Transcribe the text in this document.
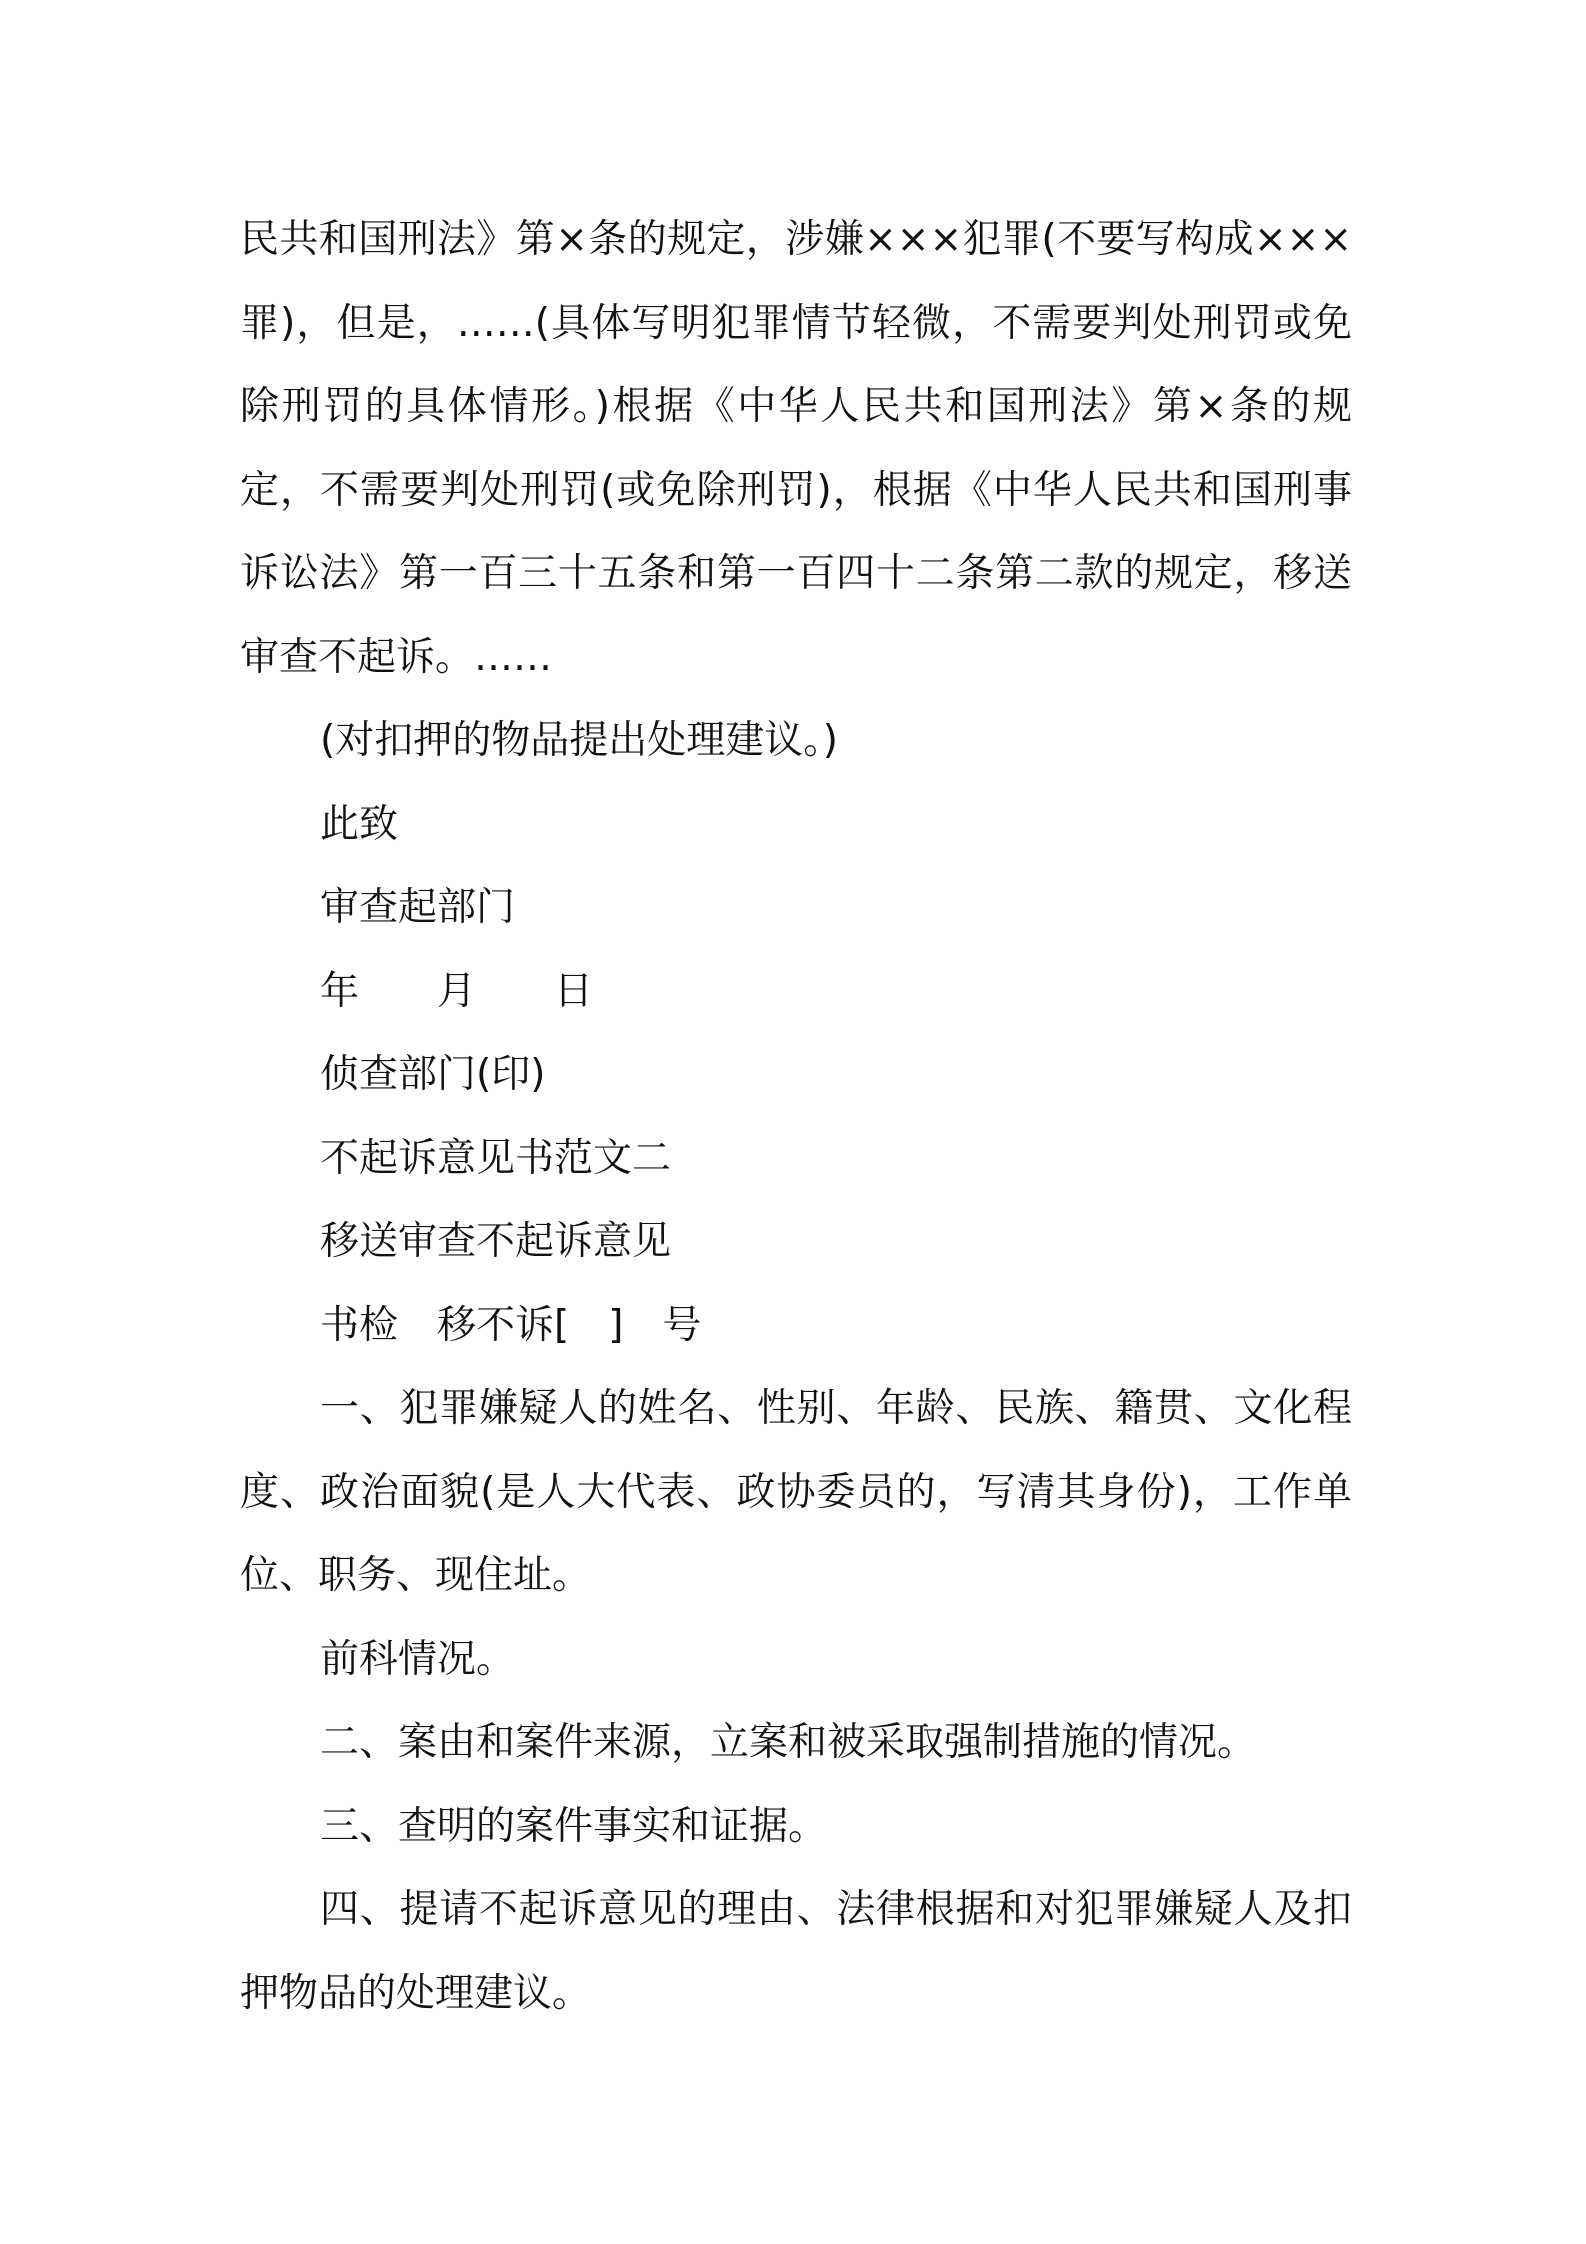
民共和国刑法》第×条的规定，涉嫌×××犯罪(不要写构成×××罪)，但是，……(具体写明犯罪情节轻微，不需要判处刑罚或免除刑罚的具体情形。)根据《中华人民共和国刑法》第×条的规定，不需要判处刑罚(或免除刑罚)，根据《中华人民共和国刑事诉讼法》第一百三十五条和第一百四十二条第二款的规定，移送审查不起诉。……

(对扣押的物品提出处理建议。)

此致

审查起部门

年　　月　　日

侦查部门(印)

不起诉意见书范文二

移送审查不起诉意见

书检　移不诉[　]　号

一、犯罪嫌疑人的姓名、性别、年龄、民族、籍贯、文化程度、政治面貌(是人大代表、政协委员的，写清其身份)，工作单位、职务、现住址。

前科情况。

二、案由和案件来源，立案和被采取强制措施的情况。

三、查明的案件事实和证据。

四、提请不起诉意见的理由、法律根据和对犯罪嫌疑人及扣押物品的处理建议。
